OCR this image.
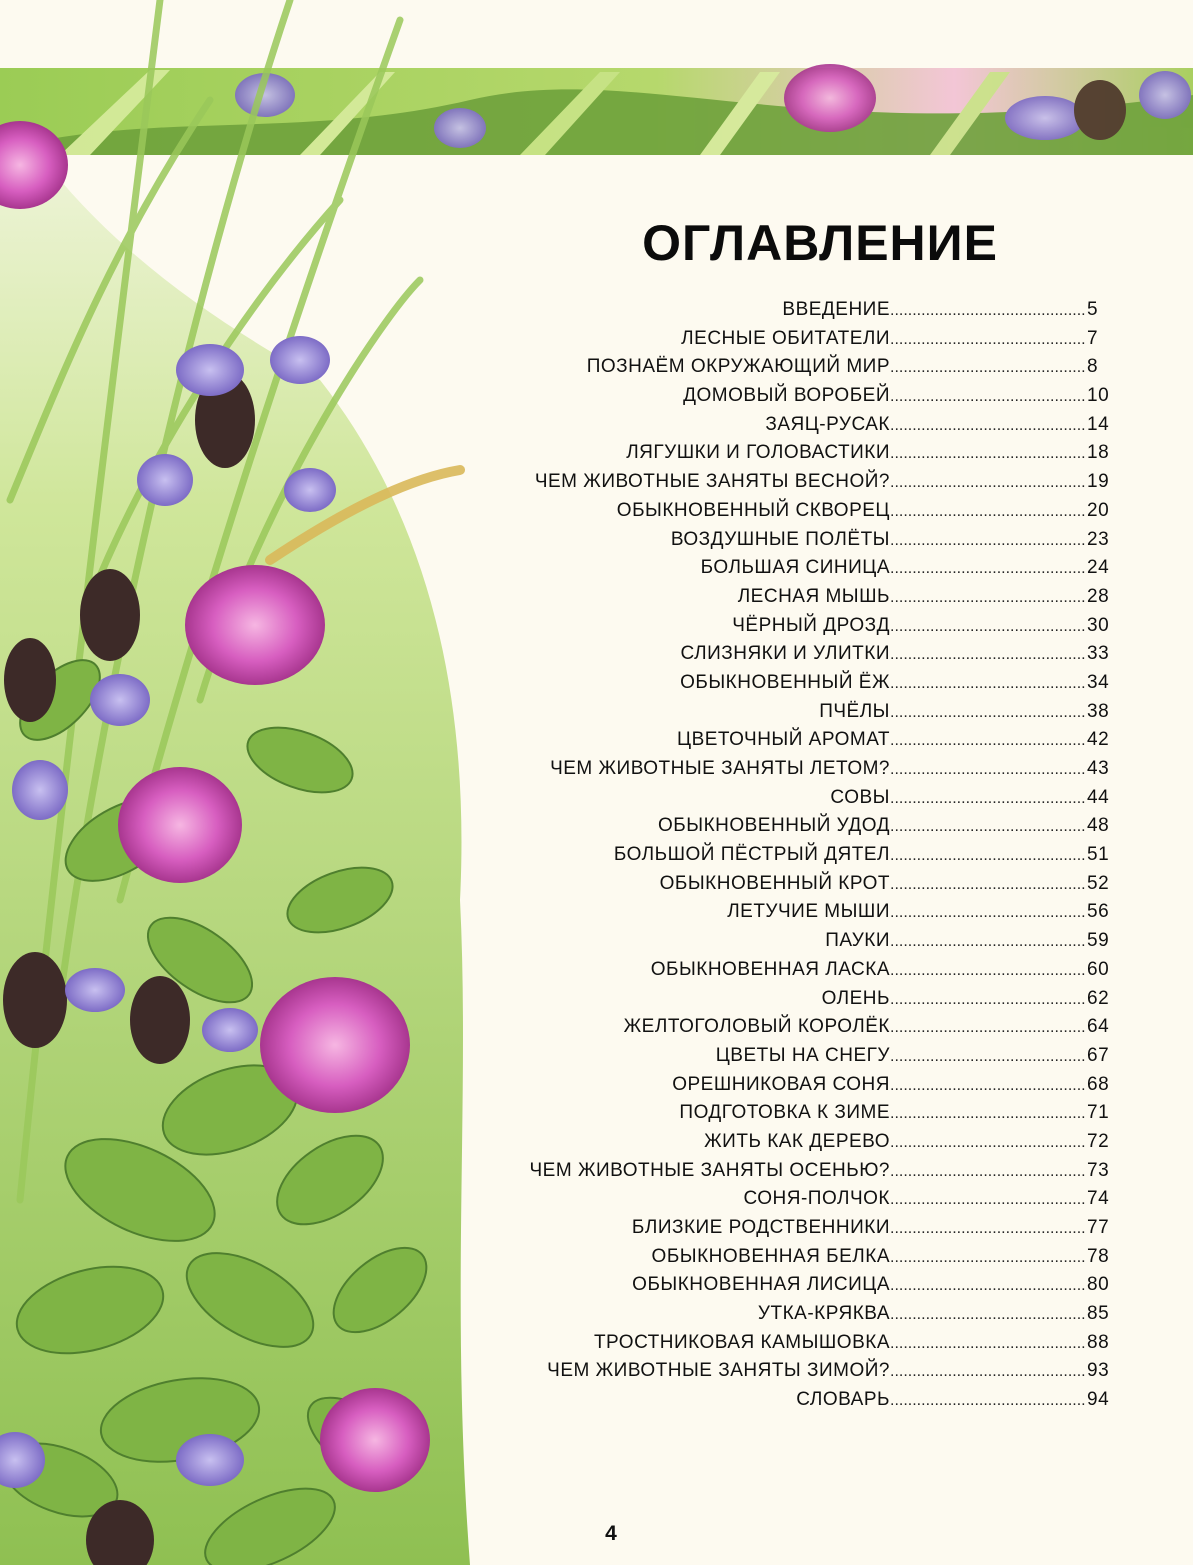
ОГЛАВЛЕНИЕ
ВВЕДЕНИЕ .....	5
ЛЕСНЫЕ ОБИТАТЕЛИ .....	7
ПОЗНАЁМ ОКРУЖАЮЩИЙ МИР .....	8
ДОМОВЫЙ ВОРОБЕЙ .....	10
ЗАЯЦ-РУСАК .....	14
ЛЯГУШКИ И ГОЛОВАСТИКИ .....	18
ЧЕМ ЖИВОТНЫЕ ЗАНЯТЫ ВЕСНОЙ? .....	19
ОБЫКНОВЕННЫЙ СКВОРЕЦ .....	20
ВОЗДУШНЫЕ ПОЛЁТЫ .....	23
БОЛЬШАЯ СИНИЦА .....	24
ЛЕСНАЯ МЫШЬ .....	28
ЧЁРНЫЙ ДРОЗД .....	30
СЛИЗНЯКИ И УЛИТКИ .....	33
ОБЫКНОВЕННЫЙ ЁЖ .....	34
ПЧЁЛЫ .....	38
ЦВЕТОЧНЫЙ АРОМАТ .....	42
ЧЕМ ЖИВОТНЫЕ ЗАНЯТЫ ЛЕТОМ? .....	43
СОВЫ .....	44
ОБЫКНОВЕННЫЙ УДОД .....	48
БОЛЬШОЙ ПЁСТРЫЙ ДЯТЕЛ .....	51
ОБЫКНОВЕННЫЙ КРОТ .....	52
ЛЕТУЧИЕ МЫШИ .....	56
ПАУКИ .....	59
ОБЫКНОВЕННАЯ ЛАСКА .....	60
ОЛЕНЬ .....	62
ЖЕЛТОГОЛОВЫЙ КОРОЛЁК .....	64
ЦВЕТЫ НА СНЕГУ .....	67
ОРЕШНИКОВАЯ СОНЯ .....	68
ПОДГОТОВКА К ЗИМЕ .....	71
ЖИТЬ КАК ДЕРЕВО .....	72
ЧЕМ ЖИВОТНЫЕ ЗАНЯТЫ ОСЕНЬЮ? .....	73
СОНЯ-ПОЛЧОК .....	74
БЛИЗКИЕ РОДСТВЕННИКИ .....	77
ОБЫКНОВЕННАЯ БЕЛКА .....	78
ОБЫКНОВЕННАЯ ЛИСИЦА .....	80
УТКА-КРЯКВА .....	85
ТРОСТНИКОВАЯ КАМЫШОВКА .....	88
ЧЕМ ЖИВОТНЫЕ ЗАНЯТЫ ЗИМОЙ? .....	93
СЛОВАРЬ .....	94
4
